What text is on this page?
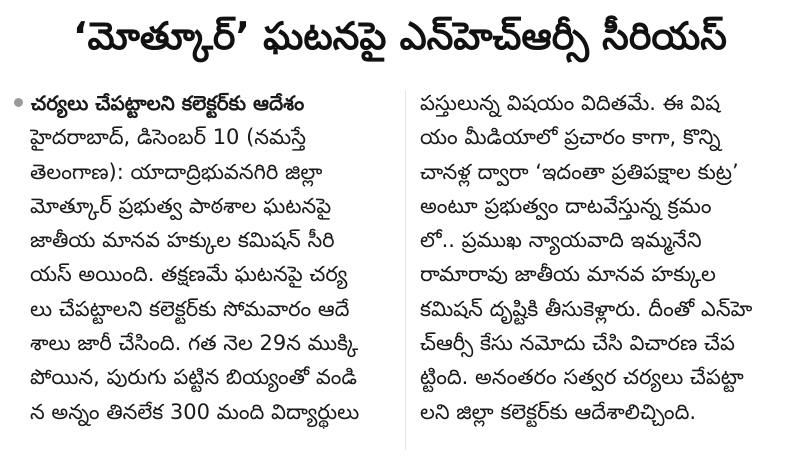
‘మోత్కూర్’ ఘటనపై ఎన్‌హెచ్‌ఆర్సీ సీరియస్
చర్యలు చేపట్టాలని కలెక్టర్‌కు ఆదేశం
హైదరాబాద్, డిసెంబర్ 10 (నమస్తే
తెలంగాణ): యాదాద్రిభువనగిరి జిల్లా
మోత్కూర్ ప్రభుత్వ పాఠశాల ఘటనపై
జాతీయ మానవ హక్కుల కమిషన్ సీరి
యస్ అయింది. తక్షణమే ఘటనపై చర్య
లు చేపట్టాలని కలెక్టర్‌కు సోమవారం ఆదే
శాలు జారీ చేసింది. గత నెల 29న ముక్కి
పోయిన, పురుగు పట్టిన బియ్యంతో వండి
న అన్నం తినలేక 300 మంది విద్యార్థులు
పస్తులున్న విషయం విదితమే. ఈ విష
యం మీడియాలో ప్రచారం కాగా, కొన్ని
చానళ్ల ద్వారా ‘ఇదంతా ప్రతిపక్షాల కుట్ర’
అంటూ ప్రభుత్వం దాటవేస్తున్న క్రమం
లో.. ప్రముఖ న్యాయవాది ఇమ్మనేని
రామారావు జాతీయ మానవ హక్కుల
కమిషన్ దృష్టికి తీసుకెళ్లారు. దీంతో ఎన్‌హె
చ్ఆర్సీ కేసు నమోదు చేసి విచారణ చేప
ట్టింది. అనంతరం సత్వర చర్యలు చేపట్టా
లని జిల్లా కలెక్టర్‌కు ఆదేశాలిచ్చింది.
